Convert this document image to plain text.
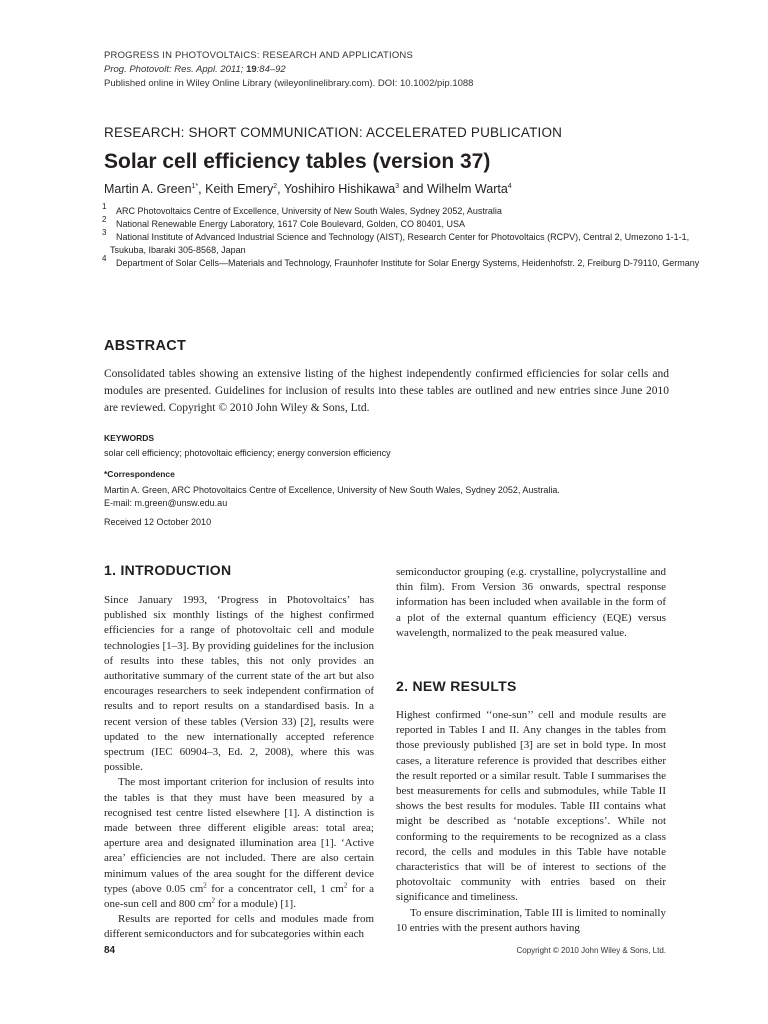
PROGRESS IN PHOTOVOLTAICS: RESEARCH AND APPLICATIONS
Prog. Photovolt: Res. Appl. 2011; 19:84–92
Published online in Wiley Online Library (wileyonlinelibrary.com). DOI: 10.1002/pip.1088
RESEARCH: SHORT COMMUNICATION: ACCELERATED PUBLICATION
Solar cell efficiency tables (version 37)
Martin A. Green$^{1*}$, Keith Emery$^2$, Yoshihiro Hishikawa$^3$ and Wilhelm Warta$^4$

1 ARC Photovoltaics Centre of Excellence, University of New South Wales, Sydney 2052, Australia

2 National Renewable Energy Laboratory, 1617 Cole Boulevard, Golden, CO 80401, USA

3 National Institute of Advanced Industrial Science and Technology (AIST), Research Center for Photovoltaics (RCPV), Central 2, Umezono 1-1-1, Tsukuba, Ibaraki 305-8568, Japan

4 Department of Solar Cells—Materials and Technology, Fraunhofer Institute for Solar Energy Systems, Heidenhofstr. 2, Freiburg D-79110, Germany

ABSTRACT
Consolidated tables showing an extensive listing of the highest independently confirmed efficiencies for solar cells and modules are presented. Guidelines for inclusion of results into these tables are outlined and new entries since June 2010 are reviewed. Copyright © 2010 John Wiley & Sons, Ltd.
KEYWORDS
solar cell efficiency; photovoltaic efficiency; energy conversion efficiency
*Correspondence
Martin A. Green, ARC Photovoltaics Centre of Excellence, University of New South Wales, Sydney 2052, Australia.
E-mail: m.green@unsw.edu.au
Received 12 October 2010
1. INTRODUCTION

Since January 1993, ‘Progress in Photovoltaics’ has published six monthly listings of the highest confirmed efficiencies for a range of photovoltaic cell and module technologies [1–3]. By providing guidelines for the inclusion of results into these tables, this not only provides an authoritative summary of the current state of the art but also encourages researchers to seek independent confirmation of results and to report results on a standardised basis. In a recent version of these tables (Version 33) [2], results were updated to the new internationally accepted reference spectrum (IEC 60904–3, Ed. 2, 2008), where this was possible.

The most important criterion for inclusion of results into the tables is that they must have been measured by a recognised test centre listed elsewhere [1]. A distinction is made between three different eligible areas: total area; aperture area and designated illumination area [1]. ‘Active area’ efficiencies are not included. There are also certain minimum values of the area sought for the different device types (above 0.05 $cm^2$ for a concentrator cell, 1 $cm^2$ for a one-sun cell and 800 $cm^2$ for a module) [1].

Results are reported for cells and modules made from different semiconductors and for subcategories within each

semiconductor grouping (e.g. crystalline, polycrystalline and thin film). From Version 36 onwards, spectral response information has been included when available in the form of a plot of the external quantum efficiency (EQE) versus wavelength, normalized to the peak measured value.

2. NEW RESULTS

Highest confirmed ‘‘one-sun’’ cell and module results are reported in Tables I and II. Any changes in the tables from those previously published [3] are set in bold type. In most cases, a literature reference is provided that describes either the result reported or a similar result. Table I summarises the best measurements for cells and submodules, while Table II shows the best results for modules. Table III contains what might be described as ‘notable exceptions’. While not conforming to the requirements to be recognized as a class record, the cells and modules in this Table have notable characteristics that will be of interest to sections of the photovoltaic community with entries based on their significance and timeliness.

To ensure discrimination, Table III is limited to nominally 10 entries with the present authors having

84	Copyright © 2010 John Wiley & Sons, Ltd.
